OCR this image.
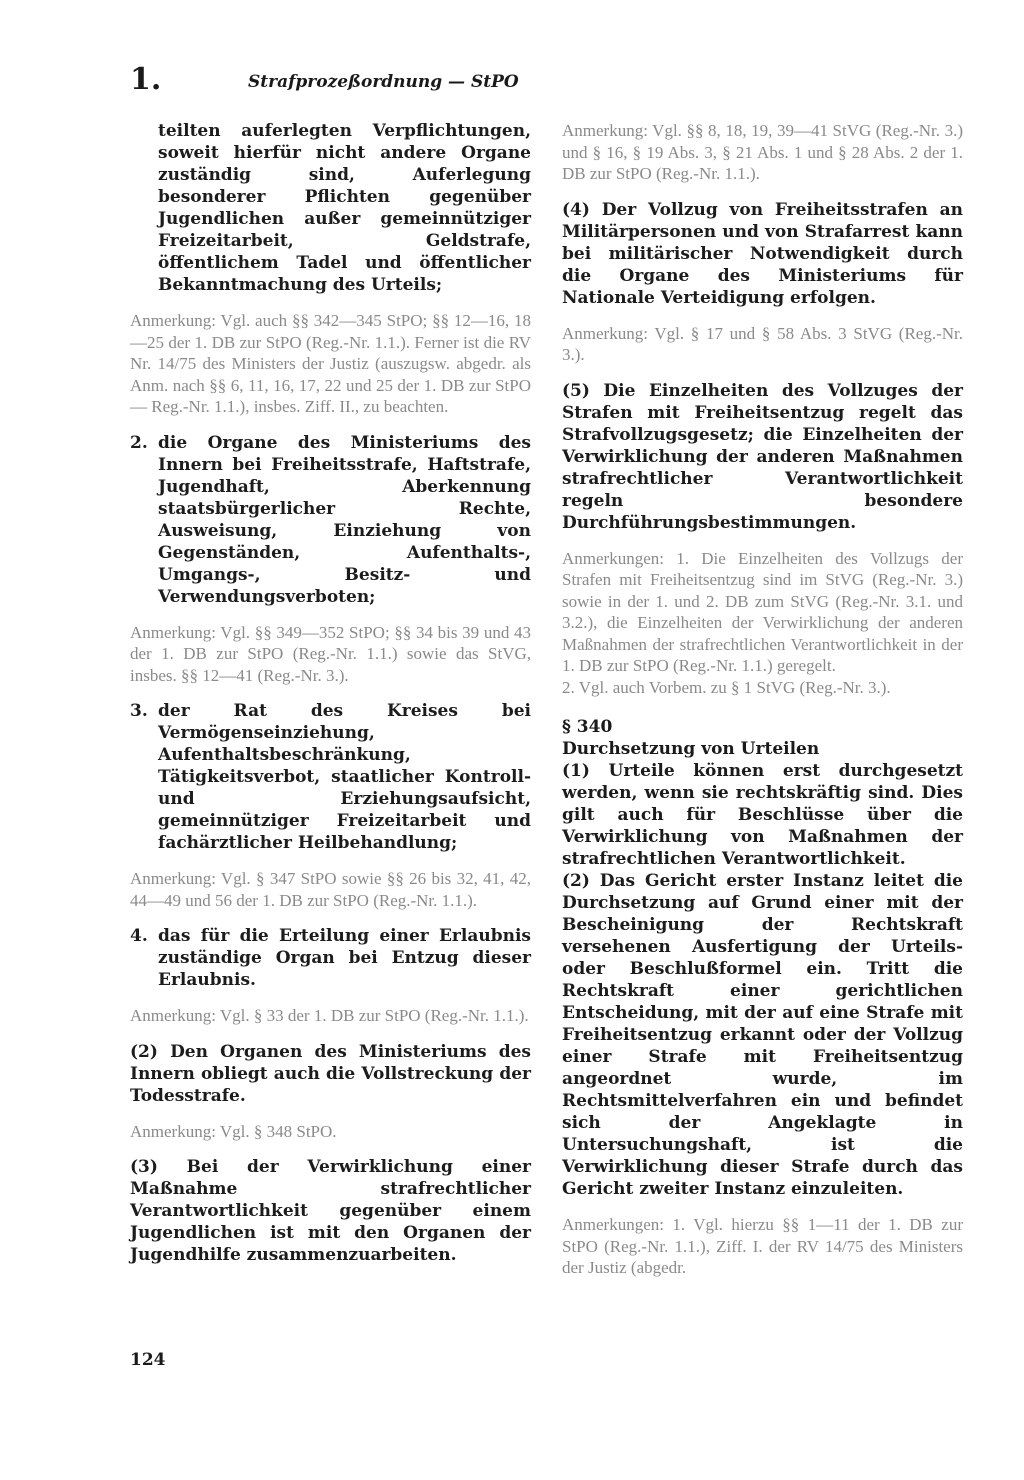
1.	Strafprozeßordnung — StPO

teilten auferlegten Verpflichtungen, soweit hierfür nicht andere Organe zuständig sind, Auferlegung besonderer Pflichten gegenüber Jugendlichen außer gemeinnütziger Freizeitarbeit, Geldstrafe, öffentlichem Tadel und öffentlicher Bekanntmachung des Urteils;

Anmerkung: Vgl. auch §§ 342—345 StPO; §§ 12—16, 18—25 der 1. DB zur StPO (Reg.-Nr. 1.1.). Ferner ist die RV Nr. 14/75 des Ministers der Justiz (auszugsw. abgedr. als Anm. nach §§ 6, 11, 16, 17, 22 und 25 der 1. DB zur StPO — Reg.-Nr. 1.1.), insbes. Ziff. II., zu beachten.

2. die Organe des Ministeriums des Innern bei Freiheitsstrafe, Haftstrafe, Jugendhaft, Aberkennung staatsbürgerlicher Rechte, Ausweisung, Einziehung von Gegenständen, Aufenthalts-, Umgangs-, Besitz- und Verwendungsverboten;

Anmerkung: Vgl. §§ 349—352 StPO; §§ 34 bis 39 und 43 der 1. DB zur StPO (Reg.-Nr. 1.1.) sowie das StVG, insbes. §§ 12—41 (Reg.-Nr. 3.).

3. der Rat des Kreises bei Vermögenseinziehung, Aufenthaltsbeschränkung, Tätigkeitsverbot, staatlicher Kontroll- und Erziehungsaufsicht, gemeinnütziger Freizeitarbeit und fachärztlicher Heilbehandlung;

Anmerkung: Vgl. § 347 StPO sowie §§ 26 bis 32, 41, 42, 44—49 und 56 der 1. DB zur StPO (Reg.-Nr. 1.1.).

4. das für die Erteilung einer Erlaubnis zuständige Organ bei Entzug dieser Erlaubnis.

Anmerkung: Vgl. § 33 der 1. DB zur StPO (Reg.-Nr. 1.1.).

(2) Den Organen des Ministeriums des Innern obliegt auch die Vollstreckung der Todesstrafe.

Anmerkung: Vgl. § 348 StPO.

(3) Bei der Verwirklichung einer Maßnahme strafrechtlicher Verantwortlichkeit gegenüber einem Jugendlichen ist mit den Organen der Jugendhilfe zusammenzuarbeiten.

Anmerkung: Vgl. §§ 8, 18, 19, 39—41 StVG (Reg.-Nr. 3.) und § 16, § 19 Abs. 3, § 21 Abs. 1 und § 28 Abs. 2 der 1. DB zur StPO (Reg.-Nr. 1.1.).

(4) Der Vollzug von Freiheitsstrafen an Militärpersonen und von Strafarrest kann bei militärischer Notwendigkeit durch die Organe des Ministeriums für Nationale Verteidigung erfolgen.

Anmerkung: Vgl. § 17 und § 58 Abs. 3 StVG (Reg.-Nr. 3.).

(5) Die Einzelheiten des Vollzuges der Strafen mit Freiheitsentzug regelt das Strafvollzugsgesetz; die Einzelheiten der Verwirklichung der anderen Maßnahmen strafrechtlicher Verantwortlichkeit regeln besondere Durchführungsbestimmungen.

Anmerkungen: 1. Die Einzelheiten des Vollzugs der Strafen mit Freiheitsentzug sind im StVG (Reg.-Nr. 3.) sowie in der 1. und 2. DB zum StVG (Reg.-Nr. 3.1. und 3.2.), die Einzelheiten der Verwirklichung der anderen Maßnahmen der strafrechtlichen Verantwortlichkeit in der 1. DB zur StPO (Reg.-Nr. 1.1.) geregelt.

2. Vgl. auch Vorbem. zu § 1 StVG (Reg.-Nr. 3.).

§ 340
Durchsetzung von Urteilen

(1) Urteile können erst durchgesetzt werden, wenn sie rechtskräftig sind. Dies gilt auch für Beschlüsse über die Verwirklichung von Maßnahmen der strafrechtlichen Verantwortlichkeit.

(2) Das Gericht erster Instanz leitet die Durchsetzung auf Grund einer mit der Bescheinigung der Rechtskraft versehenen Ausfertigung der Urteils- oder Beschlußformel ein. Tritt die Rechtskraft einer gerichtlichen Entscheidung, mit der auf eine Strafe mit Freiheitsentzug erkannt oder der Vollzug einer Strafe mit Freiheitsentzug angeordnet wurde, im Rechtsmittelverfahren ein und befindet sich der Angeklagte in Untersuchungshaft, ist die Verwirklichung dieser Strafe durch das Gericht zweiter Instanz einzuleiten.

Anmerkungen: 1. Vgl. hierzu §§ 1—11 der 1. DB zur StPO (Reg.-Nr. 1.1.), Ziff. I. der RV 14/75 des Ministers der Justiz (abgedr.

124
